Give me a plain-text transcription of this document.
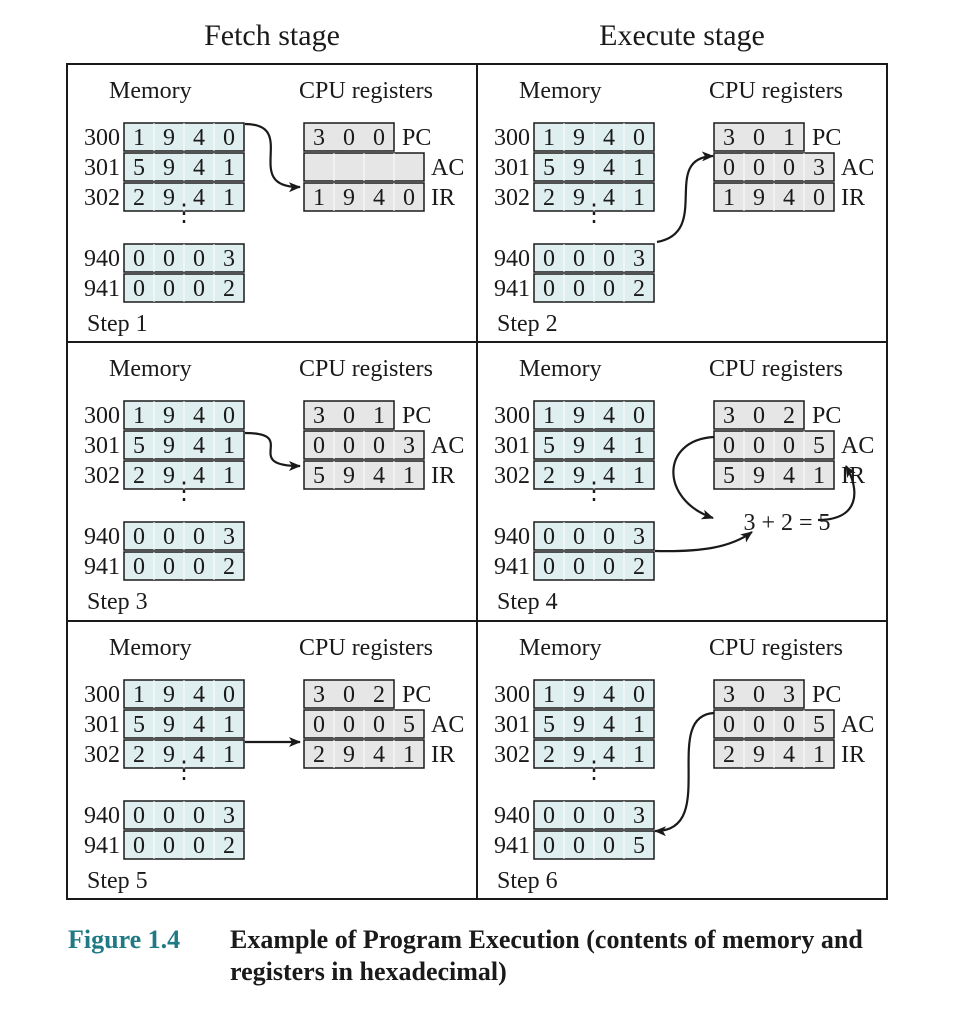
Fetch stage	Execute stage
Memory	CPU registers
300 1 9 4 0
301 5 9 4 1
302 2 9 4 1
940 0 0 0 3
941 0 0 0 2
⋮
3 0 0 PC
AC
1 9 4 0 IR
Step 1
Memory	CPU registers
300 1 9 4 0
301 5 9 4 1
302 2 9 4 1
940 0 0 0 3
941 0 0 0 2
⋮
3 0 1 PC
0 0 0 3 AC
1 9 4 0 IR
Step 2
Memory	CPU registers
300 1 9 4 0
301 5 9 4 1
302 2 9 4 1
940 0 0 0 3
941 0 0 0 2
⋮
3 0 1 PC
0 0 0 3 AC
5 9 4 1 IR
Step 3
Memory	CPU registers
300 1 9 4 0
301 5 9 4 1
302 2 9 4 1
940 0 0 0 3
941 0 0 0 2
⋮
3 0 2 PC
0 0 0 5 AC
5 9 4 1 IR
Step 4
3 + 2 = 5
Memory	CPU registers
300 1 9 4 0
301 5 9 4 1
302 2 9 4 1
940 0 0 0 3
941 0 0 0 2
⋮
3 0 2 PC
0 0 0 5 AC
2 9 4 1 IR
Step 5
Memory	CPU registers
300 1 9 4 0
301 5 9 4 1
302 2 9 4 1
940 0 0 0 3
941 0 0 0 5
⋮
3 0 3 PC
0 0 0 5 AC
2 9 4 1 IR
Step 6
Figure 1.4 Example of Program Execution (contents of memory and registers in hexadecimal)
